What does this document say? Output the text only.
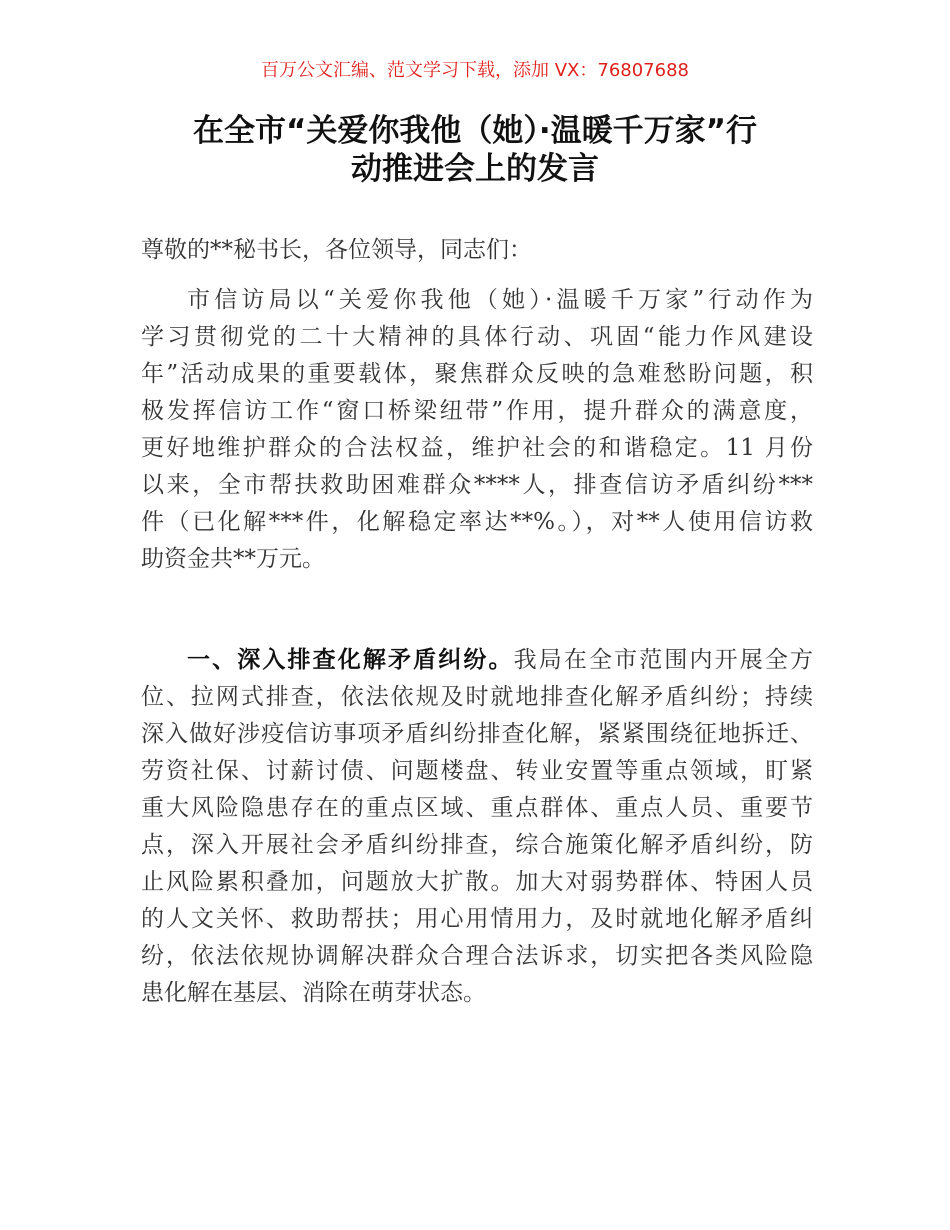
百万公文汇编、范文学习下载，添加 VX：76807688
在全市“关爱你我他（她）·温暖千万家”行
动推进会上的发言
尊敬的**秘书长，各位领导，同志们：
市信访局以“关爱你我他（她）·温暖千万家”行动作为
学习贯彻党的二十大精神的具体行动、巩固“能力作风建设
年”活动成果的重要载体，聚焦群众反映的急难愁盼问题，积
极发挥信访工作“窗口桥梁纽带”作用，提升群众的满意度，
更好地维护群众的合法权益，维护社会的和谐稳定。11 月份
以来，全市帮扶救助困难群众****人，排查信访矛盾纠纷***
件（已化解***件，化解稳定率达**%。），对**人使用信访救
助资金共**万元。
一、深入排查化解矛盾纠纷。我局在全市范围内开展全方
位、拉网式排查，依法依规及时就地排查化解矛盾纠纷；持续
深入做好涉疫信访事项矛盾纠纷排查化解，紧紧围绕征地拆迁、
劳资社保、讨薪讨债、问题楼盘、转业安置等重点领域，盯紧
重大风险隐患存在的重点区域、重点群体、重点人员、重要节
点，深入开展社会矛盾纠纷排查，综合施策化解矛盾纠纷，防
止风险累积叠加，问题放大扩散。加大对弱势群体、特困人员
的人文关怀、救助帮扶；用心用情用力，及时就地化解矛盾纠
纷，依法依规协调解决群众合理合法诉求，切实把各类风险隐
患化解在基层、消除在萌芽状态。
